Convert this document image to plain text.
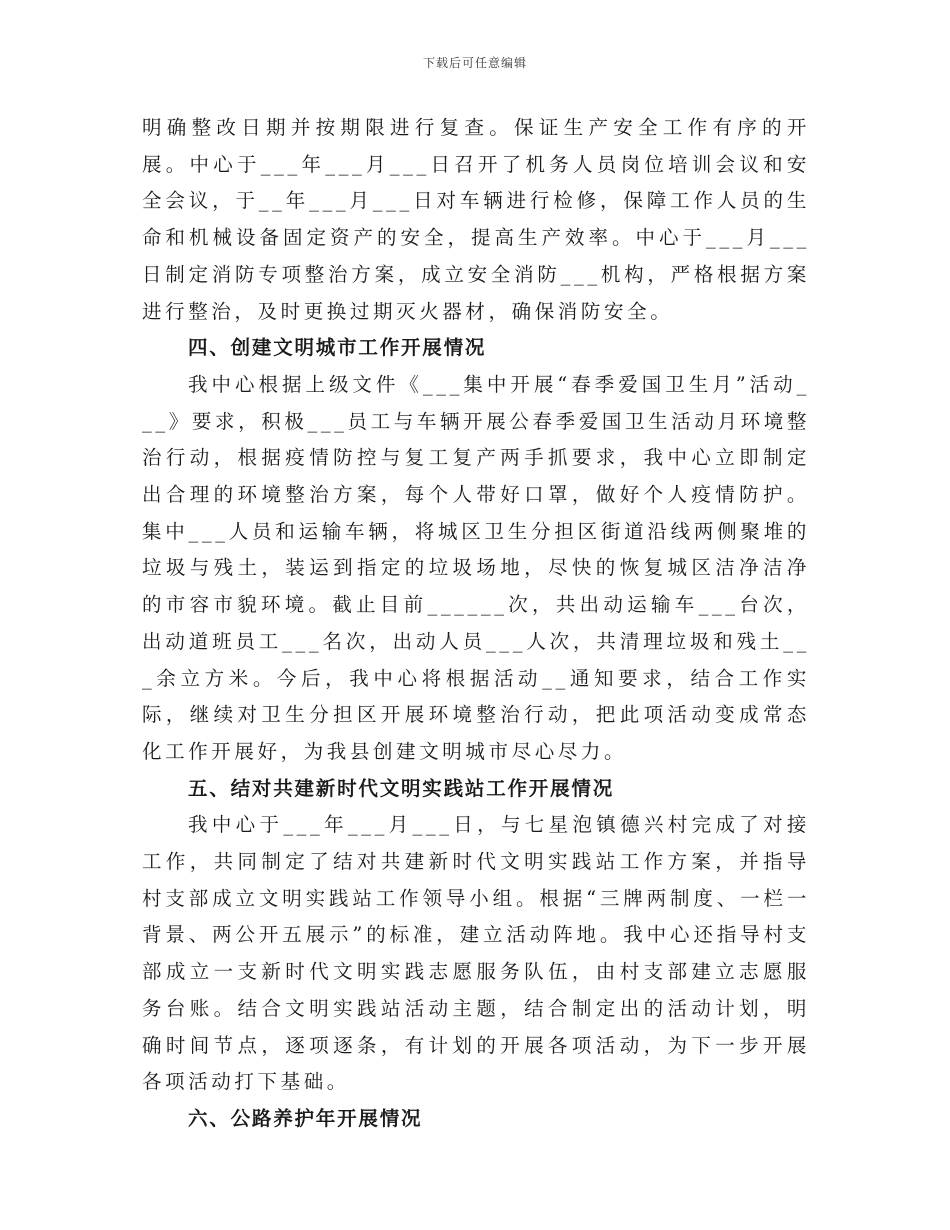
下载后可任意编辑

明确整改日期并按期限进行复查。保证生产安全工作有序的开展。中心于___年___月___日召开了机务人员岗位培训会议和安全会议，于__年___月___日对车辆进行检修，保障工作人员的生命和机械设备固定资产的安全，提高生产效率。中心于___月___日制定消防专项整治方案，成立安全消防___机构，严格根据方案进行整治，及时更换过期灭火器材，确保消防安全。

四、创建文明城市工作开展情况

我中心根据上级文件《___集中开展“春季爱国卫生月”活动___》要求，积极___员工与车辆开展公春季爱国卫生活动月环境整治行动，根据疫情防控与复工复产两手抓要求，我中心立即制定出合理的环境整治方案，每个人带好口罩，做好个人疫情防护。集中___人员和运输车辆，将城区卫生分担区街道沿线两侧聚堆的垃圾与残土，装运到指定的垃圾场地，尽快的恢复城区洁净洁净的市容市貌环境。截止目前______次，共出动运输车___台次，出动道班员工___名次，出动人员___人次，共清理垃圾和残土___余立方米。今后，我中心将根据活动__通知要求，结合工作实际，继续对卫生分担区开展环境整治行动，把此项活动变成常态化工作开展好，为我县创建文明城市尽心尽力。

五、结对共建新时代文明实践站工作开展情况

我中心于___年___月___日，与七星泡镇德兴村完成了对接工作，共同制定了结对共建新时代文明实践站工作方案，并指导村支部成立文明实践站工作领导小组。根据“三牌两制度、一栏一背景、两公开五展示”的标准，建立活动阵地。我中心还指导村支部成立一支新时代文明实践志愿服务队伍，由村支部建立志愿服务台账。结合文明实践站活动主题，结合制定出的活动计划，明确时间节点，逐项逐条，有计划的开展各项活动，为下一步开展各项活动打下基础。

六、公路养护年开展情况
